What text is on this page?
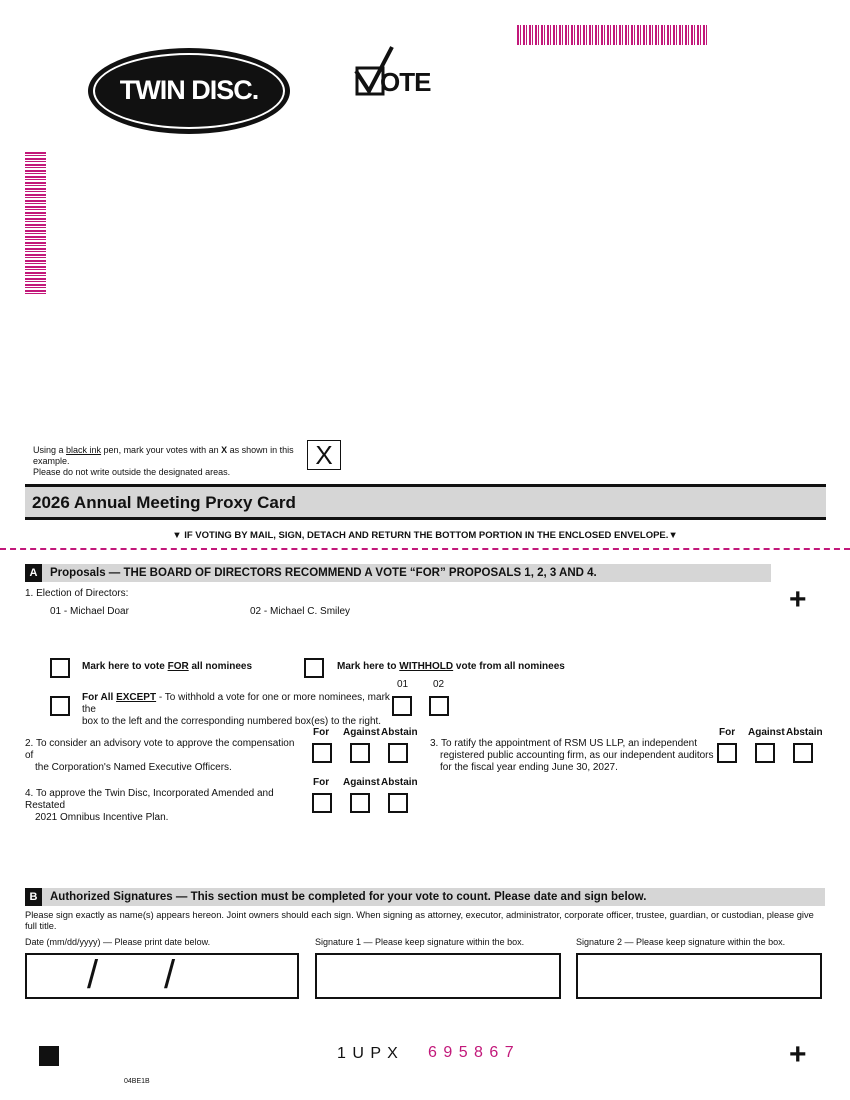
TWIN DISC.	OTE
Using a black ink pen, mark your votes with an X as shown in this example.
Please do not write outside the designated areas.
X
2026 Annual Meeting Proxy Card
▼ IF VOTING BY MAIL, SIGN, DETACH AND RETURN THE BOTTOM PORTION IN THE ENCLOSED ENVELOPE.▼
A	Proposals — THE BOARD OF DIRECTORS RECOMMEND A VOTE “FOR” PROPOSALS 1, 2, 3 AND 4.
+
1. Election of Directors:
01 - Michael Doar	02 - Michael C. Smiley
Mark here to vote FOR all nominees	Mark here to WITHHOLD vote from all nominees
01 02
For All EXCEPT - To withhold a vote for one or more nominees, mark the
box to the left and the corresponding numbered box(es) to the right.
For Against Abstain
2. To consider an advisory vote to approve the compensation of
the Corporation's Named Executive Officers.
3. To ratify the appointment of RSM US LLP, an independent
registered public accounting firm, as our independent auditors
for the fiscal year ending June 30, 2027.
For Against Abstain
For Against Abstain
4. To approve the Twin Disc, Incorporated Amended and Restated
2021 Omnibus Incentive Plan.
B	Authorized Signatures — This section must be completed for your vote to count. Please date and sign below.
Please sign exactly as name(s) appears hereon. Joint owners should each sign. When signing as attorney, executor, administrator, corporate officer, trustee, guardian, or custodian, please give full title.
Date (mm/dd/yyyy) — Please print date below.	Signature 1 — Please keep signature within the box.	Signature 2 — Please keep signature within the box.
/ /
1 U P X 6 9 5 8 6 7	+
04BE1B
